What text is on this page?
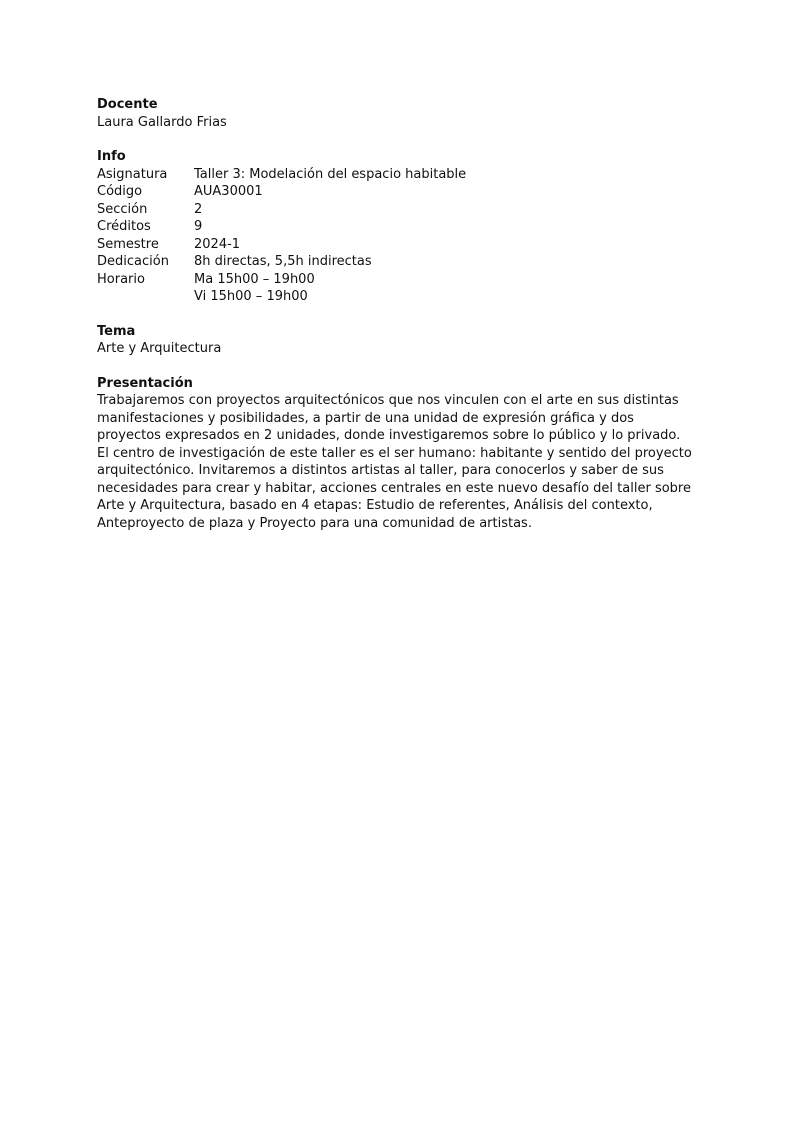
Docente

Laura Gallardo Frias

Info

Asignatura	Taller 3: Modelación del espacio habitable
Código	AUA30001
Sección	2
Créditos	9
Semestre	2024-1
Dedicación	8h directas, 5,5h indirectas
Horario	Ma 15h00 – 19h00
Vi 15h00 – 19h00

Tema

Arte y Arquitectura

Presentación

Trabajaremos con proyectos arquitectónicos que nos vinculen con el arte en sus distintas manifestaciones y posibilidades, a partir de una unidad de expresión gráfica y dos proyectos expresados en 2 unidades, donde investigaremos sobre lo público y lo privado. El centro de investigación de este taller es el ser humano: habitante y sentido del proyecto arquitectónico. Invitaremos a distintos artistas al taller, para conocerlos y saber de sus necesidades para crear y habitar, acciones centrales en este nuevo desafío del taller sobre Arte y Arquitectura, basado en 4 etapas: Estudio de referentes, Análisis del contexto, Anteproyecto de plaza y Proyecto para una comunidad de artistas.
